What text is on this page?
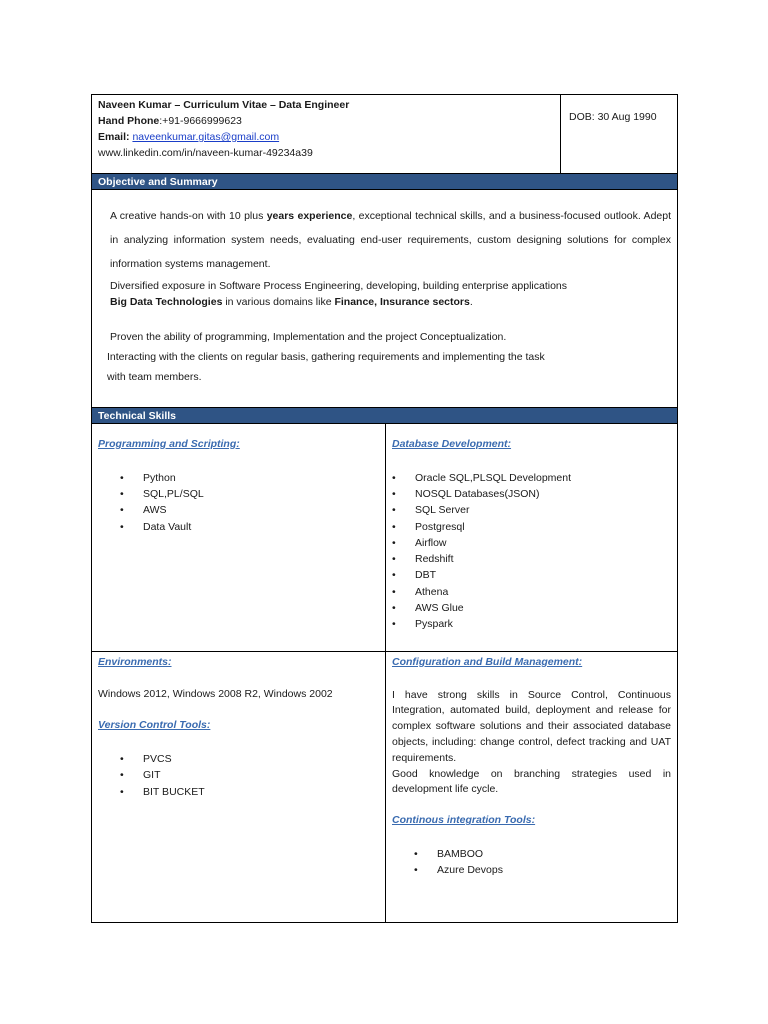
Naveen Kumar – Curriculum Vitae – Data Engineer
Hand Phone:+91-9666999623
Email: naveenkumar.gitas@gmail.com
www.linkedin.com/in/naveen-kumar-49234a39
DOB: 30 Aug 1990
Objective and Summary

A creative hands-on with 10 plus years experience, exceptional technical skills, and a business-focused outlook. Adept in analyzing information system needs, evaluating end-user requirements, custom designing solutions for complex information systems management.

Diversified exposure in Software Process Engineering, developing, building enterprise applications
Big Data Technologies in various domains like Finance, Insurance sectors.
Proven the ability of programming, Implementation and the project Conceptualization.
Interacting with the clients on regular basis, gathering requirements and implementing the task
with team members.
Technical Skills
Programming and Scripting:
• Python
• SQL,PL/SQL
• AWS
• Data Vault
Database Development:
• Oracle SQL,PLSQL Development
• NOSQL Databases(JSON)
• SQL Server
• Postgresql
• Airflow
• Redshift
• DBT
• Athena
• AWS Glue
• Pyspark
Environments:
Windows 2012, Windows 2008 R2, Windows 2002
Version Control Tools:
• PVCS
• GIT
• BIT BUCKET
Configuration and Build Management:
I have strong skills in Source Control, Continuous Integration, automated build, deployment and release for complex software solutions and their associated database objects, including: change control, defect tracking and UAT requirements.
Good knowledge on branching strategies used in development life cycle.
Continous integration Tools:
• BAMBOO
• Azure Devops
